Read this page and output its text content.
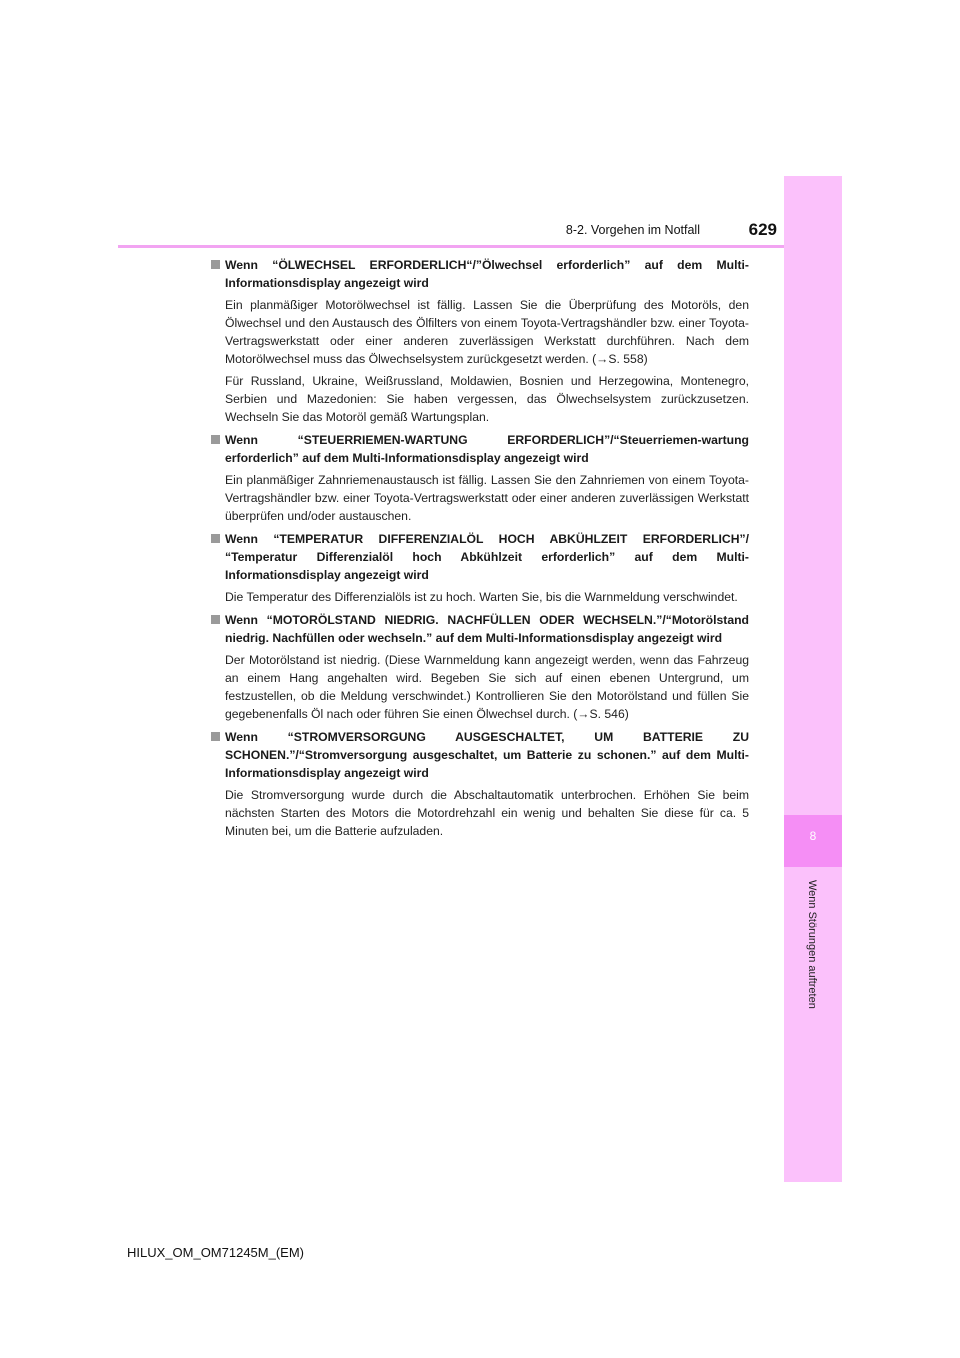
8
Wenn Störungen auftreten
8-2. Vorgehen im Notfall	629
Wenn “ÖLWECHSEL ERFORDERLICH“/”Ölwechsel erforderlich” auf dem Multi-Informationsdisplay angezeigt wird
Ein planmäßiger Motorölwechsel ist fällig. Lassen Sie die Überprüfung des Motoröls, den Ölwechsel und den Austausch des Ölfilters von einem Toyota-Vertragshändler bzw. einer Toyota-Vertragswerkstatt oder einer anderen zuverlässigen Werkstatt durchführen. Nach dem Motorölwechsel muss das Ölwechselsystem zurückgesetzt werden. (→S. 558)
Für Russland, Ukraine, Weißrussland, Moldawien, Bosnien und Herzegowina, Montenegro, Serbien und Mazedonien: Sie haben vergessen, das Ölwechselsystem zurückzusetzen. Wechseln Sie das Motoröl gemäß Wartungsplan.
Wenn “STEUERRIEMEN-WARTUNG ERFORDERLICH”/“Steuerriemen-wartung erforderlich” auf dem Multi-Informationsdisplay angezeigt wird
Ein planmäßiger Zahnriemenaustausch ist fällig. Lassen Sie den Zahnriemen von einem Toyota-Vertragshändler bzw. einer Toyota-Vertragswerkstatt oder einer anderen zuverlässigen Werkstatt überprüfen und/oder austauschen.
Wenn “TEMPERATUR DIFFERENZIALÖL HOCH ABKÜHLZEIT ERFORDERLICH”/ “Temperatur Differenzialöl hoch Abkühlzeit erforderlich” auf dem Multi-Informationsdisplay angezeigt wird
Die Temperatur des Differenzialöls ist zu hoch. Warten Sie, bis die Warnmeldung verschwindet.
Wenn “MOTORÖLSTAND NIEDRIG. NACHFÜLLEN ODER WECHSELN.”/“Motorölstand niedrig. Nachfüllen oder wechseln.” auf dem Multi-Informationsdisplay angezeigt wird
Der Motorölstand ist niedrig. (Diese Warnmeldung kann angezeigt werden, wenn das Fahrzeug an einem Hang angehalten wird. Begeben Sie sich auf einen ebenen Untergrund, um festzustellen, ob die Meldung verschwindet.) Kontrollieren Sie den Motorölstand und füllen Sie gegebenenfalls Öl nach oder führen Sie einen Ölwechsel durch. (→S. 546)
Wenn “STROMVERSORGUNG AUSGESCHALTET, UM BATTERIE ZU SCHONEN.”/“Stromversorgung ausgeschaltet, um Batterie zu schonen.” auf dem Multi-Informationsdisplay angezeigt wird
Die Stromversorgung wurde durch die Abschaltautomatik unterbrochen. Erhöhen Sie beim nächsten Starten des Motors die Motordrehzahl ein wenig und behalten Sie diese für ca. 5 Minuten bei, um die Batterie aufzuladen.
HILUX_OM_OM71245M_(EM)
